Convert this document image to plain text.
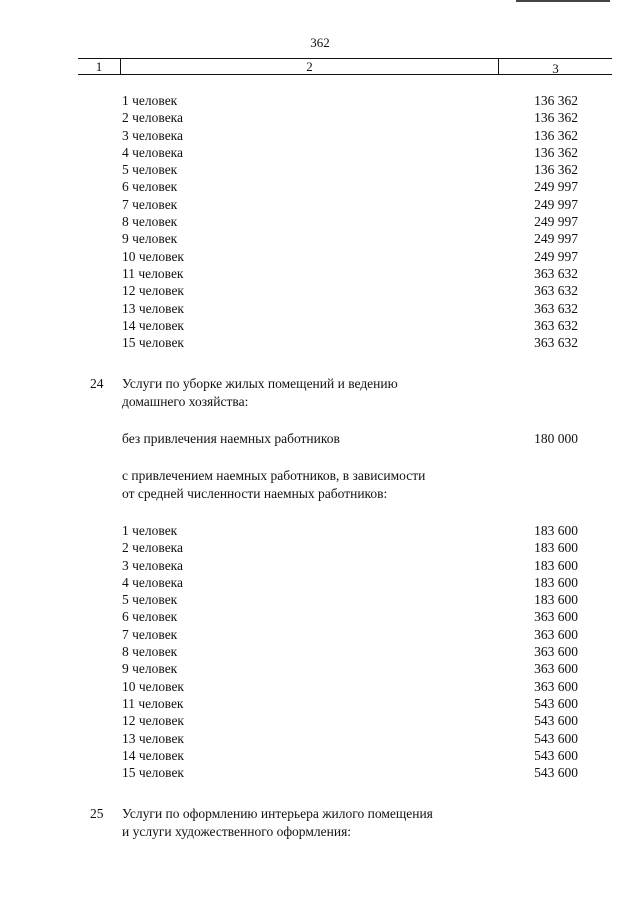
362
1	2	3
1 человек	136 362
2 человека	136 362
3 человека	136 362
4 человека	136 362
5 человек	136 362
6 человек	249 997
7 человек	249 997
8 человек	249 997
9 человек	249 997
10 человек	249 997
11 человек	363 632
12 человек	363 632
13 человек	363 632
14 человек	363 632
15 человек	363 632
24	Услуги по уборке жилых помещений и ведению
домашнего хозяйства:
без привлечения наемных работников	180 000
с привлечением наемных работников, в зависимости
от средней численности наемных работников:
1 человек	183 600
2 человека	183 600
3 человека	183 600
4 человека	183 600
5 человек	183 600
6 человек	363 600
7 человек	363 600
8 человек	363 600
9 человек	363 600
10 человек	363 600
11 человек	543 600
12 человек	543 600
13 человек	543 600
14 человек	543 600
15 человек	543 600
25	Услуги по оформлению интерьера жилого помещения
и услуги художественного оформления:
